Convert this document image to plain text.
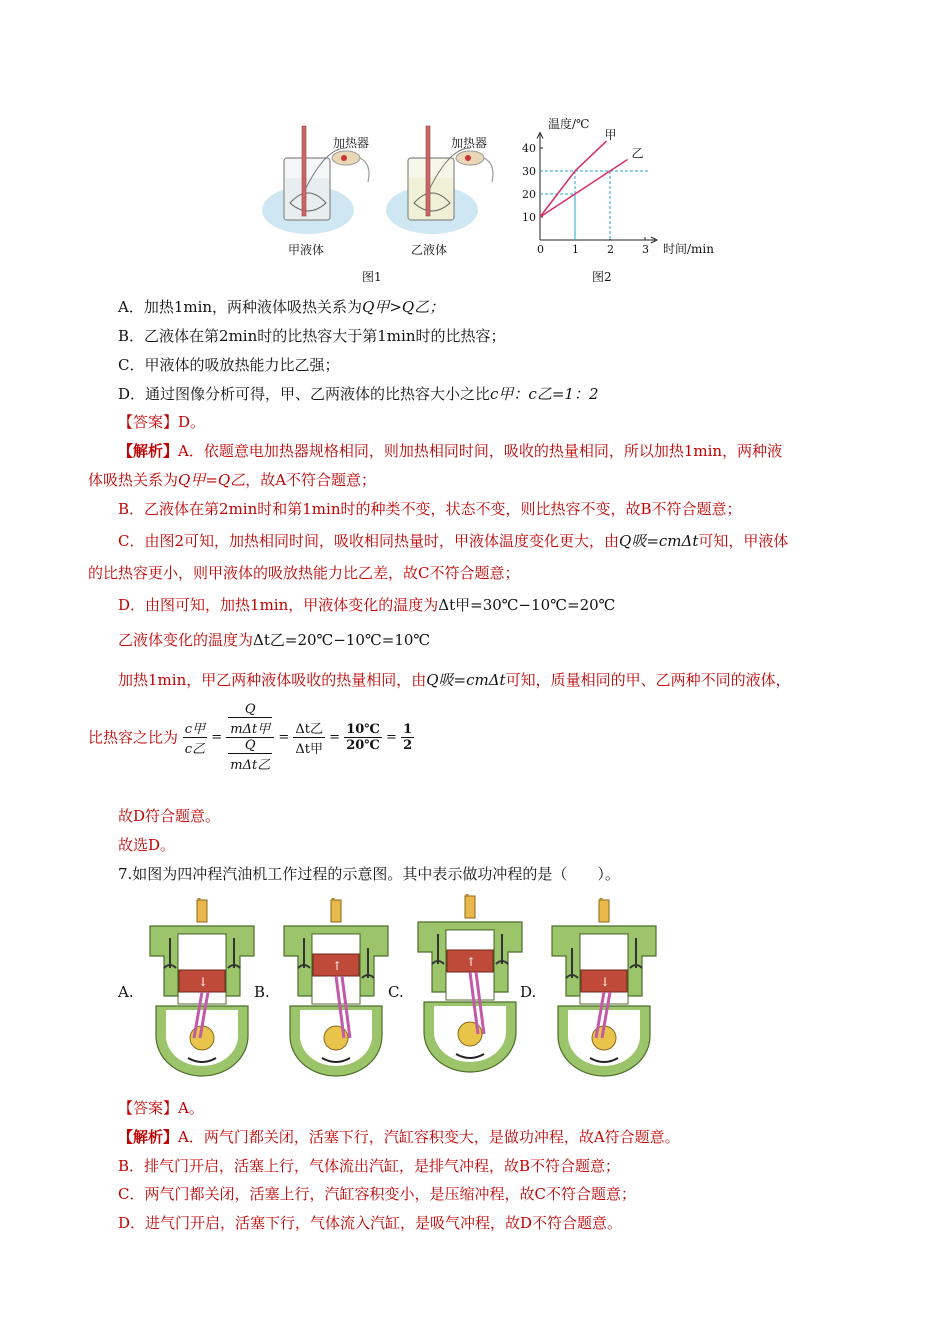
加热器	加热器
甲液体	乙液体
图1
0	1	2	3
10
20
30
40
甲
乙
温度/℃
时间/min
图2
A．加热1min，两种液体吸热关系为Q甲>Q乙；
B．乙液体在第2min时的比热容大于第1min时的比热容；
C．甲液体的吸放热能力比乙强；
D．通过图像分析可得，甲、乙两液体的比热容大小之比c甲：c乙=1：2
【答案】D。
【解析】A．依题意电加热器规格相同，则加热相同时间，吸收的热量相同，所以加热1min，两种液
体吸热关系为Q甲=Q乙，故A不符合题意；
B．乙液体在第2min时和第1min时的种类不变，状态不变，则比热容不变，故B不符合题意；
C．由图2可知，加热相同时间，吸收相同热量时，甲液体温度变化更大，由Q吸=cmΔt可知，甲液体
的比热容更小，则甲液体的吸放热能力比乙差，故C不符合题意；
D．由图可知，加热1min，甲液体变化的温度为Δt甲=30℃−10℃=20℃
乙液体变化的温度为Δt乙=20℃−10℃=10℃
加热1min，甲乙两种液体吸收的热量相同，由Q吸=cmΔt可知，质量相同的甲、乙两种不同的液体，
比热容之比为 $\frac{\text{c甲}}{\text{c乙}} = \frac{\frac{Q}{\text{mΔt甲}}}{\frac{Q}{\text{mΔt乙}}} = \frac{\text{Δt乙}}{\text{Δt甲}} = \frac{10℃}{20℃} = \frac{1}{2}$
故D符合题意。
故选D。
7.如图为四冲程汽油机工作过程的示意图。其中表示做功冲程的是（　　）。
A.	B.	C.	D.
↓
↑	↑
↓
【答案】A。
【解析】A．两气门都关闭，活塞下行，汽缸容积变大，是做功冲程，故A符合题意。
B．排气门开启，活塞上行，气体流出汽缸，是排气冲程，故B不符合题意；
C．两气门都关闭，活塞上行，汽缸容积变小，是压缩冲程，故C不符合题意；
D．进气门开启，活塞下行，气体流入汽缸，是吸气冲程，故D不符合题意。
